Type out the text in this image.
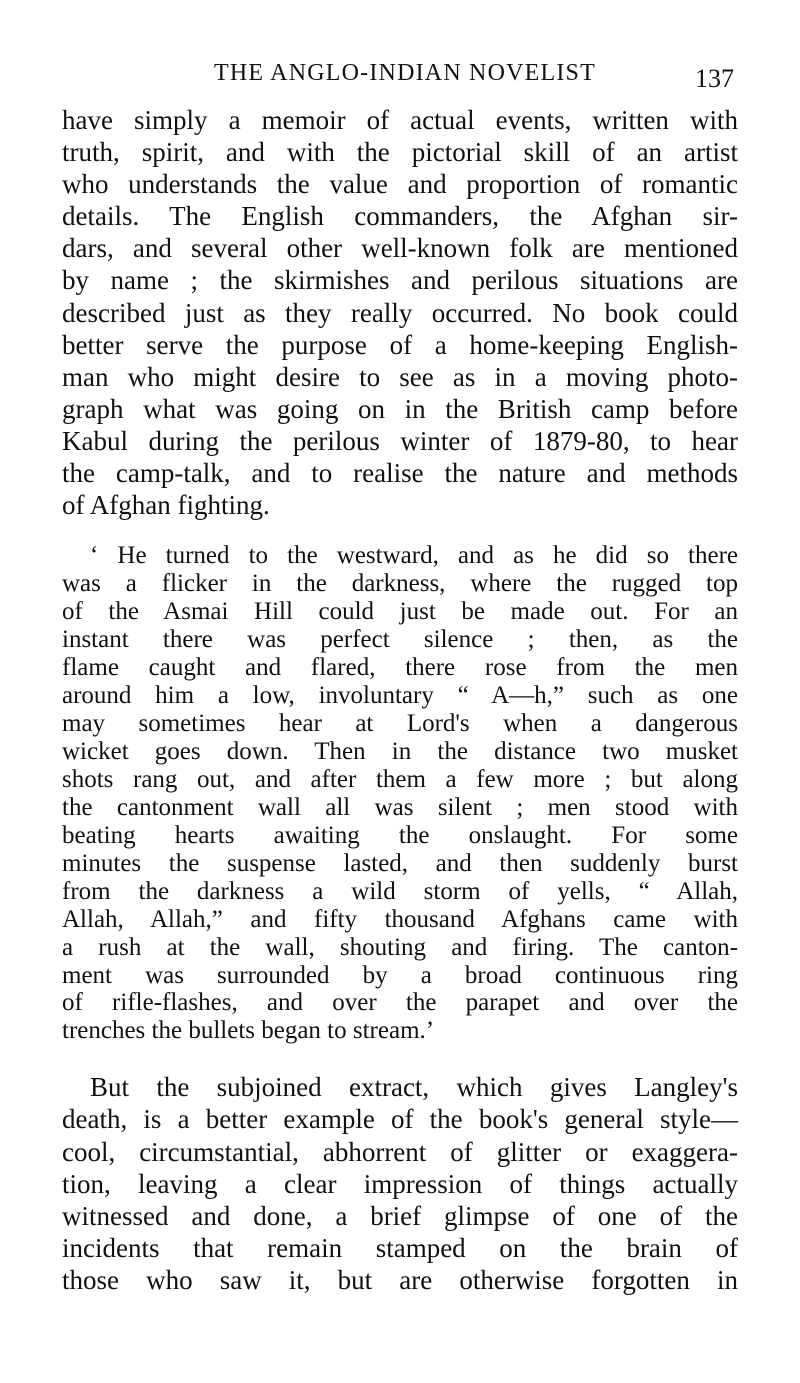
THE ANGLO-INDIAN NOVELIST	137
have simply a memoir of actual events, written with
truth, spirit, and with the pictorial skill of an artist
who understands the value and proportion of romantic
details. The English commanders, the Afghan sir-
dars, and several other well-known folk are mentioned
by name ; the skirmishes and perilous situations are
described just as they really occurred. No book could
better serve the purpose of a home-keeping English-
man who might desire to see as in a moving photo-
graph what was going on in the British camp before
Kabul during the perilous winter of 1879-80, to hear
the camp-talk, and to realise the nature and methods
of Afghan fighting.
‘ He turned to the westward, and as he did so there
was a flicker in the darkness, where the rugged top
of the Asmai Hill could just be made out. For an
instant there was perfect silence ; then, as the
flame caught and flared, there rose from the men
around him a low, involuntary “ A—h,” such as one
may sometimes hear at Lord's when a dangerous
wicket goes down. Then in the distance two musket
shots rang out, and after them a few more ; but along
the cantonment wall all was silent ; men stood with
beating hearts awaiting the onslaught. For some
minutes the suspense lasted, and then suddenly burst
from the darkness a wild storm of yells, “ Allah,
Allah, Allah,” and fifty thousand Afghans came with
a rush at the wall, shouting and firing. The canton-
ment was surrounded by a broad continuous ring
of rifle-flashes, and over the parapet and over the
trenches the bullets began to stream.’
But the subjoined extract, which gives Langley's
death, is a better example of the book's general style—
cool, circumstantial, abhorrent of glitter or exaggera-
tion, leaving a clear impression of things actually
witnessed and done, a brief glimpse of one of the
incidents that remain stamped on the brain of
those who saw it, but are otherwise forgotten in
